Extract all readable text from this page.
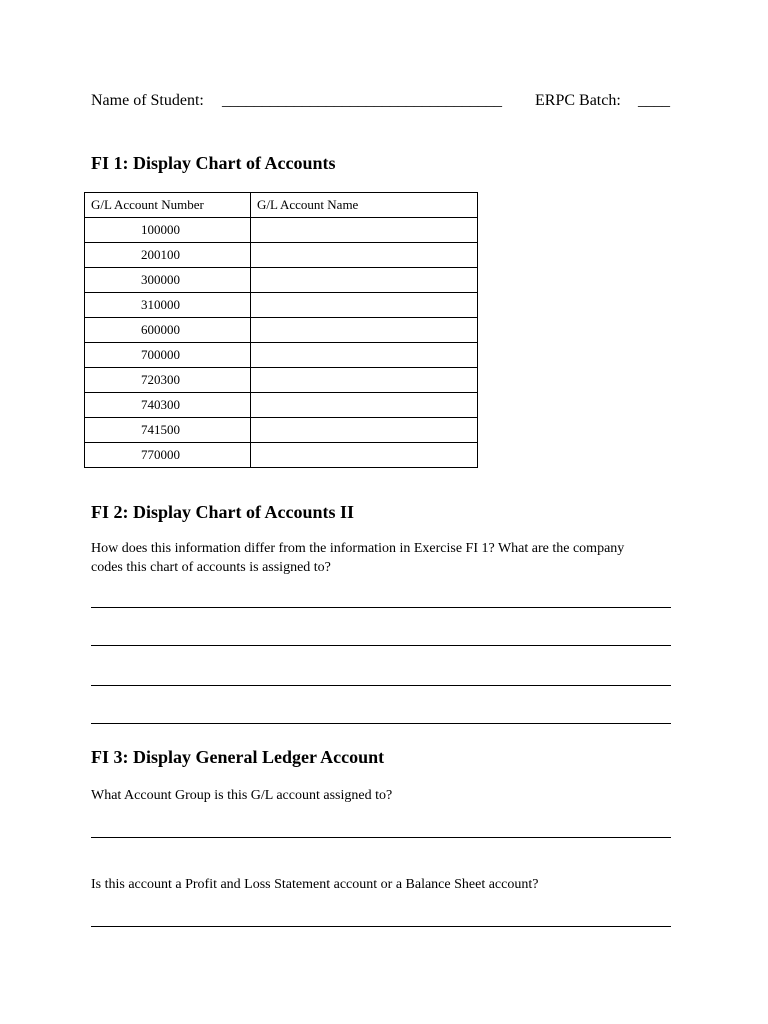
Name of Student: ___________________________________ ERPC Batch: ____
FI 1: Display Chart of Accounts
G/L Account Number	G/L Account Name
100000	
200100	
300000	
310000	
600000	
700000	
720300	
740300	
741500	
770000	
FI 2: Display Chart of Accounts II
How does this information differ from the information in Exercise FI 1? What are the company
codes this chart of accounts is assigned to?
FI 3: Display General Ledger Account
What Account Group is this G/L account assigned to?
Is this account a Profit and Loss Statement account or a Balance Sheet account?
